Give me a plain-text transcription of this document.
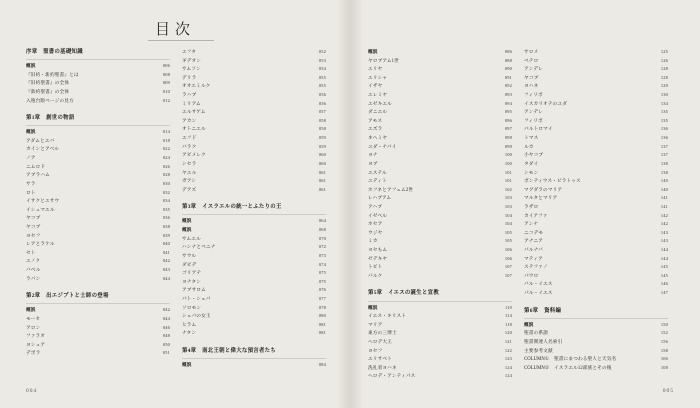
目次
序章　聖書の基礎知識
概説	006
『旧約・新約聖書』とは	008
『旧約聖書』の全体	009
『新約聖書』の全体	010
入殖台版ページの見方	012
第1章　創世の物語
概説	014
アダムとエバ	018
カインとアベル	022
ノア	024
ニムロド	026
アブラハム	028
サラ	030
ロト	032
イサクとエサウ	034
イシュマエル	035
ヤコブ	036
ヤコブ	038
ヨセフ	039
レアとラケル	040
セト	041
エノク	042
バベル	043
ラバン	044
第2章　出エジプトと士師の登場
概説	042
モーセ	044
アロン	046
ファラオ	048
ヨシュア	050
デボラ	051
エフタ	052
ギデオン	053
サムソン	054
デリラ	055
オオエミルク	055
ラハブ	056
ミリアム	056
エルサゲム	057
アカン	058
オトニエル	058
エフド	059
バラク	059
アビメレク	060
シセラ	060
ヤエル	061
ガアシ	061
デアズ	061
第3章　イスラエルの統一とふたりの王
概説	064
概説	068
サムエル	070
ハンナとペニナ	072
サウル	073
ダビデ	074
ゴリアテ	075
ヨナタン	075
アブサロム	076
バト・シェバ	077
ソロモン	078
シェバの女王	080
ヒラム	081
ナタン	081
第4章　南北王朝と偉大な預言者たち
概説	084
004
概説	086
ヤロブアム1世	088
エリヤ	090
エリシャ	091
イザヤ	092
エレミヤ	093
エゼキエル	094
ダニエル	095
アモス	096
エズラ	097
ネヘミヤ	098
ユダ・ナバイ	099
ヨナ	100
ヨブ	100
エステル	101
ユディト	101
ホフネとアフェム2世	102
レハブアム	103
アハブ	103
イゼベル	104
ホセア	104
ウジヤ	105
ミカ	105
ヨセもム	106
ゼデキヤ	106
トビト	107
バルク	107
第5章　イエスの誕生と宣教
概説	110
イエス・キリスト	114
マリア	118
東方の三博士	120
ヘロデ大王	121
ヨセフ	122
エリサベト	123
洗礼者ヨハネ	124
ヘロデ・アンティパス	124
サロメ	125
ペテロ	126
アンデレ	128
ヤコブ	128
ヨハネ	129
フィリポ	130
イスカリオテのユダ	134
アンデレ	135
フィリポ	135
バルトロマイ	136
トマス	136
ルカ	137
小ヤコブ	137
タダイ	138
シモン	138
ポンティウス・ピラトゥス	140
マグダラのマリア	140
マルタとマリア	141
ラザロ	141
カイアファ	142
アンナ	142
ニコデモ	143
アナニア	143
バルナバ	144
マティア	144
ステファノ	145
パウロ	145
バル・イエス	146
パル・イエス	147
第6章　資料編
概説	150
聖書の系譜	152
聖書関連人名索引	156
主要参考文献	158
COLUMN①　聖書にまつわる聖人と天気名	106
COLUMN②　イスラエル12部族とその後	108
005
